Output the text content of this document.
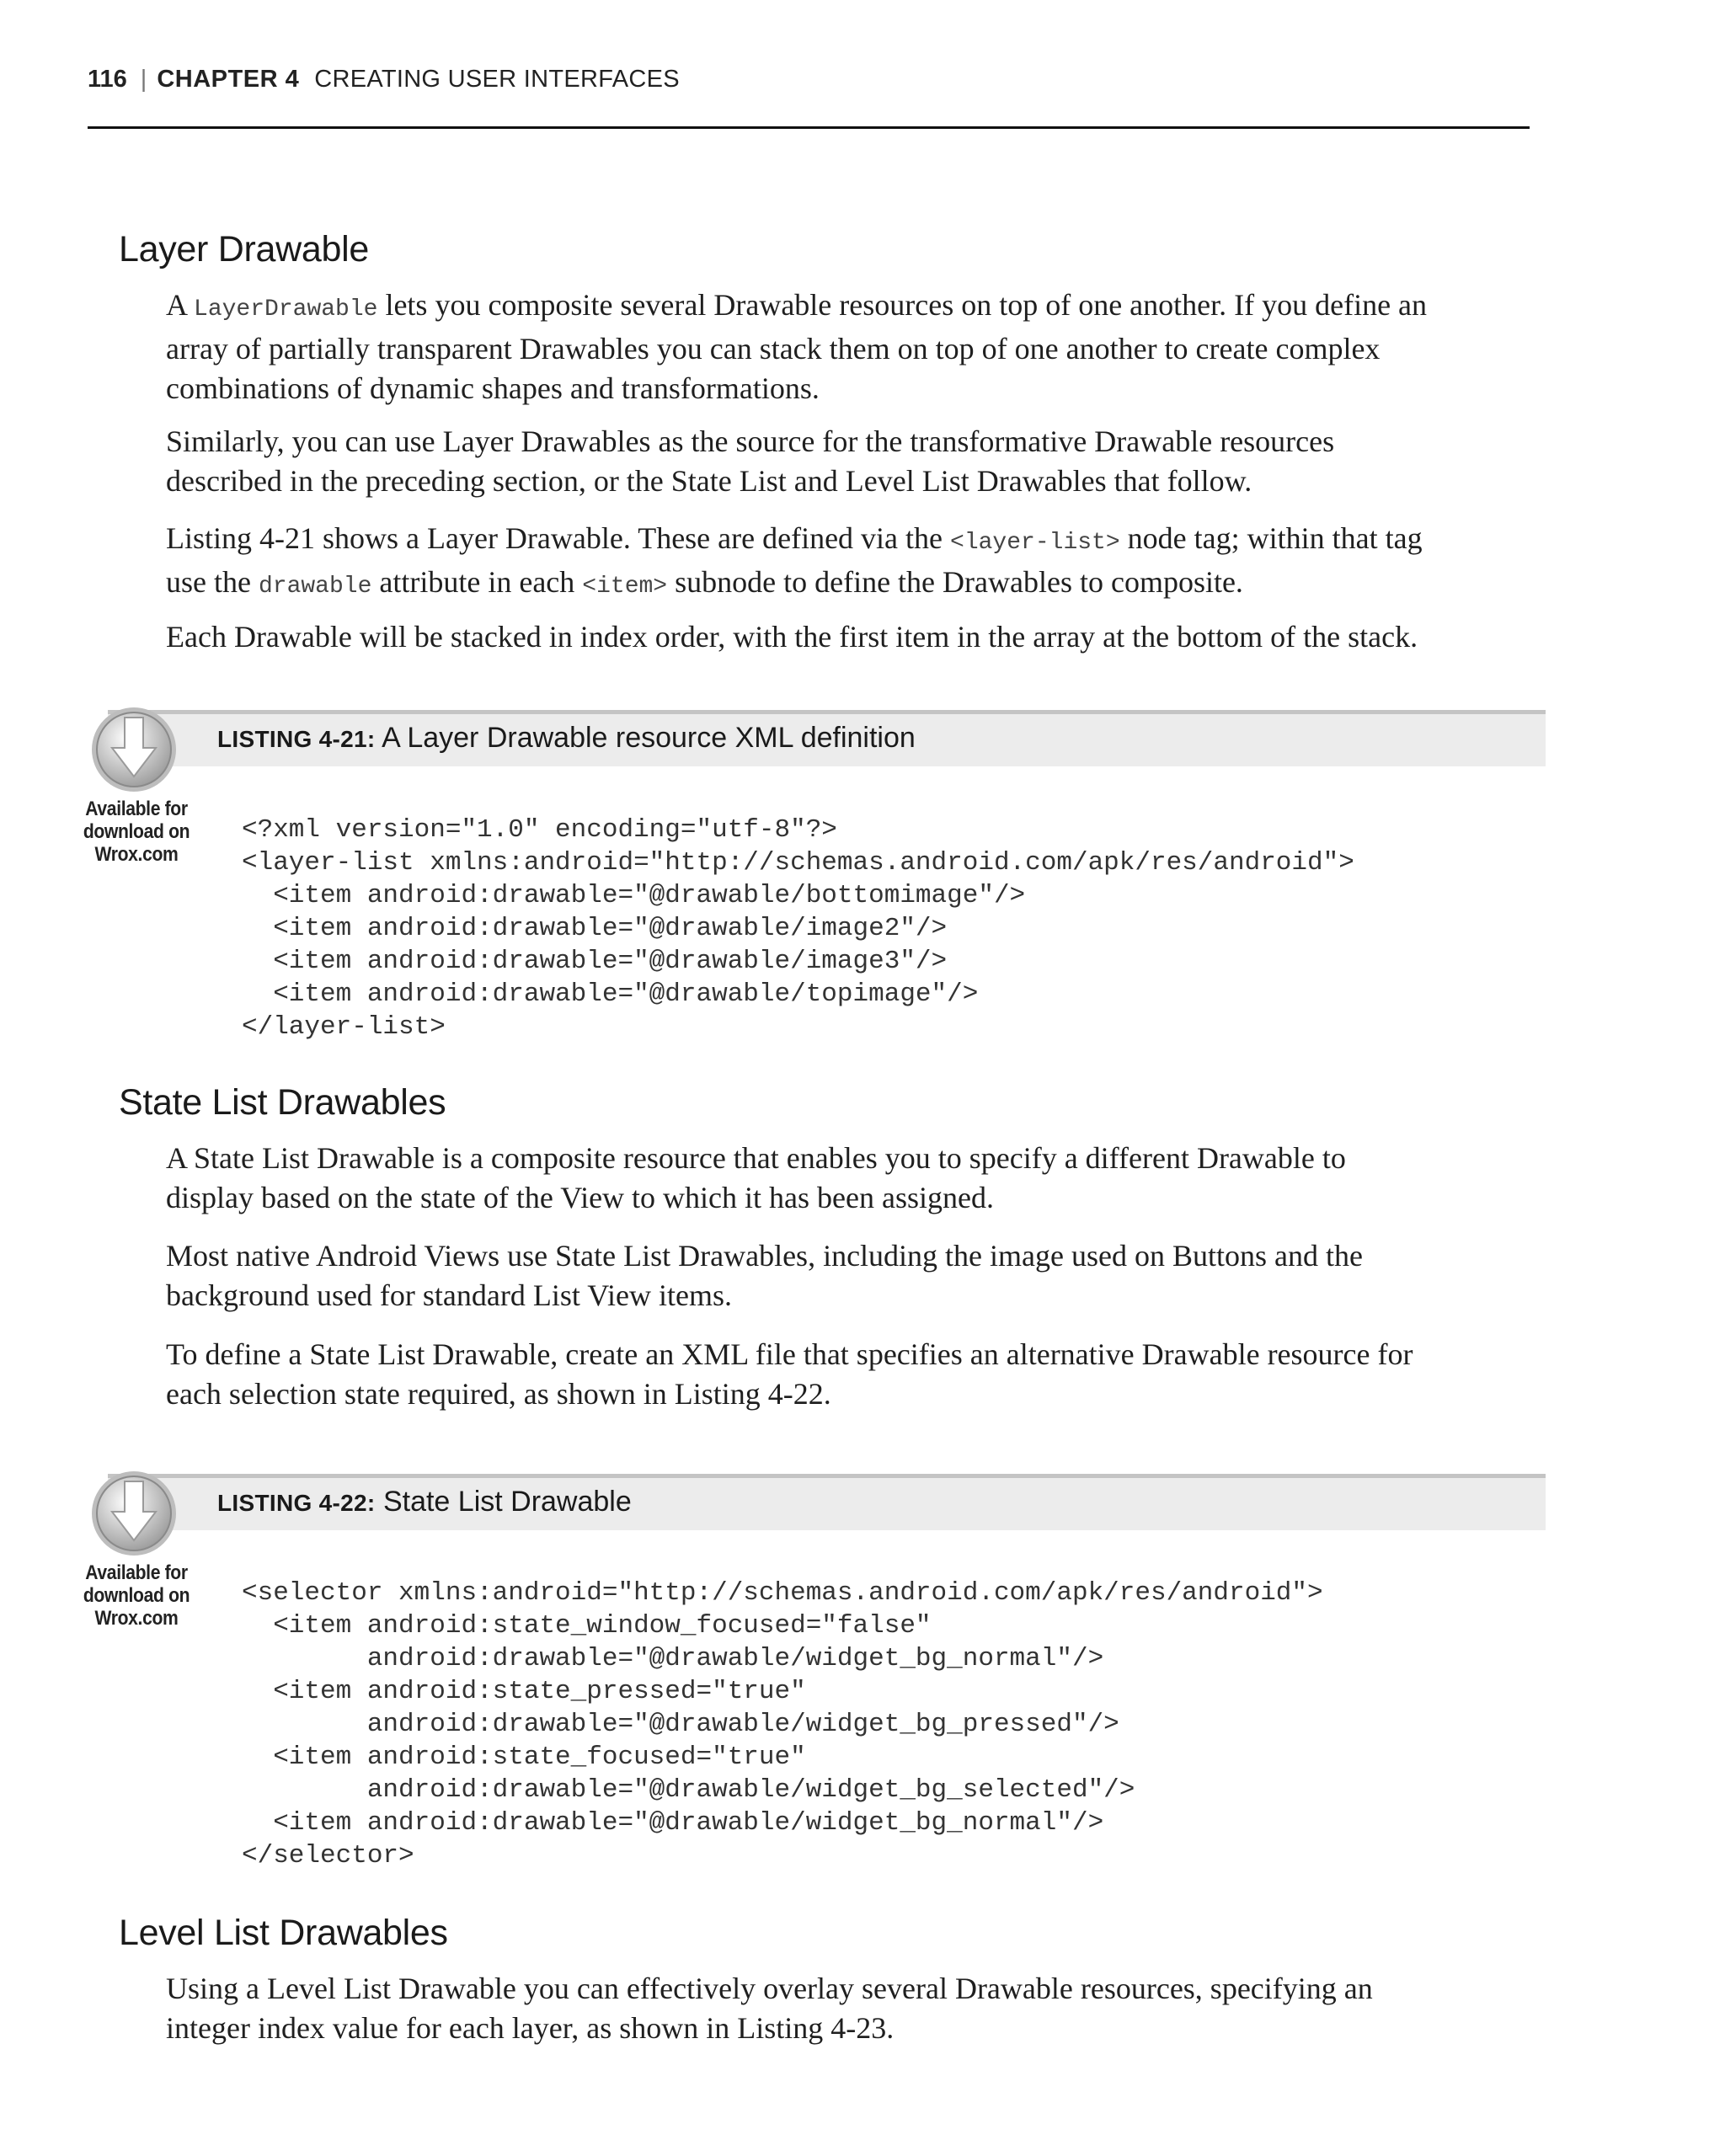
116 | CHAPTER 4 CREATING USER INTERFACES
Layer Drawable

A LayerDrawable lets you composite several Drawable resources on top of one another. If you define an
array of partially transparent Drawables you can stack them on top of one another to create complex
combinations of dynamic shapes and transformations.

Similarly, you can use Layer Drawables as the source for the transformative Drawable resources
described in the preceding section, or the State List and Level List Drawables that follow.

Listing 4-21 shows a Layer Drawable. These are defined via the <layer-list> node tag; within that tag
use the drawable attribute in each <item> subnode to define the Drawables to composite.

Each Drawable will be stacked in index order, with the first item in the array at the bottom of the stack.

LISTING 4-21: A Layer Drawable resource XML definition
Available for
download on
Wrox.com
<?xml version="1.0" encoding="utf-8"?>
<layer-list xmlns:android="http://schemas.android.com/apk/res/android">
<item android:drawable="@drawable/bottomimage"/>
<item android:drawable="@drawable/image2"/>
<item android:drawable="@drawable/image3"/>
<item android:drawable="@drawable/topimage"/>
</layer-list>
State List Drawables

A State List Drawable is a composite resource that enables you to specify a different Drawable to
display based on the state of the View to which it has been assigned.

Most native Android Views use State List Drawables, including the image used on Buttons and the
background used for standard List View items.

To define a State List Drawable, create an XML file that specifies an alternative Drawable resource for
each selection state required, as shown in Listing 4-22.

LISTING 4-22: State List Drawable
Available for
download on
Wrox.com
<selector xmlns:android="http://schemas.android.com/apk/res/android">
<item android:state_window_focused="false"
android:drawable="@drawable/widget_bg_normal"/>
<item android:state_pressed="true"
android:drawable="@drawable/widget_bg_pressed"/>
<item android:state_focused="true"
android:drawable="@drawable/widget_bg_selected"/>
<item android:drawable="@drawable/widget_bg_normal"/>
</selector>
Level List Drawables

Using a Level List Drawable you can effectively overlay several Drawable resources, specifying an
integer index value for each layer, as shown in Listing 4-23.
